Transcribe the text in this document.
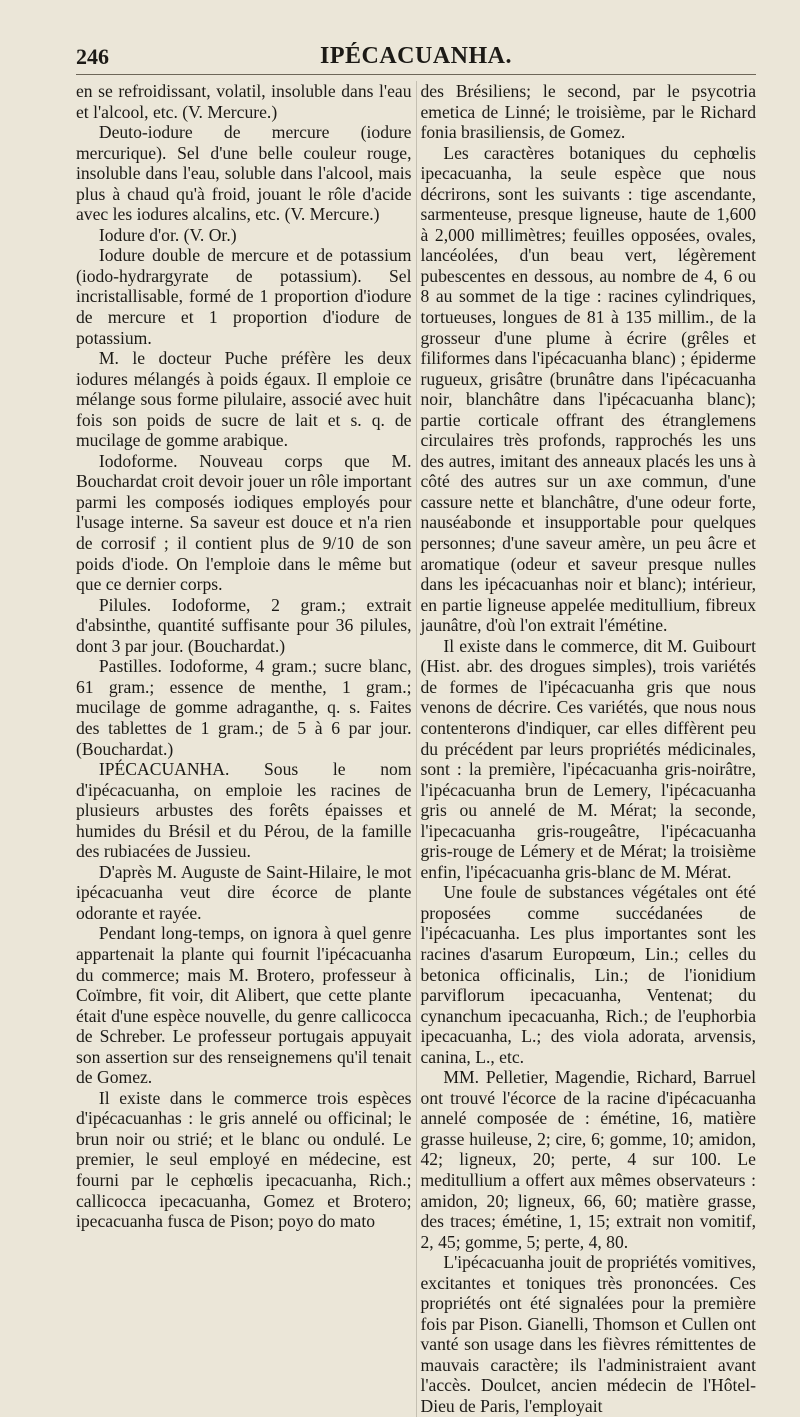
246	IPÉCACUANHA.

en se refroidissant, volatil, insoluble dans l'eau et l'alcool, etc. (V. Mercure.)

Deuto-iodure de mercure (iodure mercurique). Sel d'une belle couleur rouge, insoluble dans l'eau, soluble dans l'alcool, mais plus à chaud qu'à froid, jouant le rôle d'acide avec les iodures alcalins, etc. (V. Mercure.)

Iodure d'or. (V. Or.)

Iodure double de mercure et de potassium (iodo-hydrargyrate de potassium). Sel incristallisable, formé de 1 proportion d'iodure de mercure et 1 proportion d'iodure de potassium.

M. le docteur Puche préfère les deux iodures mélangés à poids égaux. Il emploie ce mélange sous forme pilulaire, associé avec huit fois son poids de sucre de lait et s. q. de mucilage de gomme arabique.

Iodoforme. Nouveau corps que M. Bouchardat croit devoir jouer un rôle important parmi les composés iodiques employés pour l'usage interne. Sa saveur est douce et n'a rien de corrosif ; il contient plus de 9/10 de son poids d'iode. On l'emploie dans le même but que ce dernier corps.

Pilules. Iodoforme, 2 gram.; extrait d'absinthe, quantité suffisante pour 36 pilules, dont 3 par jour. (Bouchardat.)

Pastilles. Iodoforme, 4 gram.; sucre blanc, 61 gram.; essence de menthe, 1 gram.; mucilage de gomme adraganthe, q. s. Faites des tablettes de 1 gram.; de 5 à 6 par jour. (Bouchardat.)

IPÉCACUANHA. Sous le nom d'ipécacuanha, on emploie les racines de plusieurs arbustes des forêts épaisses et humides du Brésil et du Pérou, de la famille des rubiacées de Jussieu.

D'après M. Auguste de Saint-Hilaire, le mot ipécacuanha veut dire écorce de plante odorante et rayée.

Pendant long-temps, on ignora à quel genre appartenait la plante qui fournit l'ipécacuanha du commerce; mais M. Brotero, professeur à Coïmbre, fit voir, dit Alibert, que cette plante était d'une espèce nouvelle, du genre callicocca de Schreber. Le professeur portugais appuyait son assertion sur des renseignemens qu'il tenait de Gomez.

Il existe dans le commerce trois espèces d'ipécacuanhas : le gris annelé ou officinal; le brun noir ou strié; et le blanc ou ondulé. Le premier, le seul employé en médecine, est fourni par le cephœlis ipecacuanha, Rich.; callicocca ipecacuanha, Gomez et Brotero; ipecacuanha fusca de Pison; poyo do mato

des Brésiliens; le second, par le psycotria emetica de Linné; le troisième, par le Richard fonia brasiliensis, de Gomez.

Les caractères botaniques du cephœlis ipecacuanha, la seule espèce que nous décrirons, sont les suivants : tige ascendante, sarmenteuse, presque ligneuse, haute de 1,600 à 2,000 millimètres; feuilles opposées, ovales, lancéolées, d'un beau vert, légèrement pubescentes en dessous, au nombre de 4, 6 ou 8 au sommet de la tige : racines cylindriques, tortueuses, longues de 81 à 135 millim., de la grosseur d'une plume à écrire (grêles et filiformes dans l'ipécacuanha blanc) ; épiderme rugueux, grisâtre (brunâtre dans l'ipécacuanha noir, blanchâtre dans l'ipécacuanha blanc); partie corticale offrant des étranglemens circulaires très profonds, rapprochés les uns des autres, imitant des anneaux placés les uns à côté des autres sur un axe commun, d'une cassure nette et blanchâtre, d'une odeur forte, nauséabonde et insupportable pour quelques personnes; d'une saveur amère, un peu âcre et aromatique (odeur et saveur presque nulles dans les ipécacuanhas noir et blanc); intérieur, en partie ligneuse appelée meditullium, fibreux jaunâtre, d'où l'on extrait l'émétine.

Il existe dans le commerce, dit M. Guibourt (Hist. abr. des drogues simples), trois variétés de formes de l'ipécacuanha gris que nous venons de décrire. Ces variétés, que nous nous contenterons d'indiquer, car elles diffèrent peu du précédent par leurs propriétés médicinales, sont : la première, l'ipécacuanha gris-noirâtre, l'ipécacuanha brun de Lemery, l'ipécacuanha gris ou annelé de M. Mérat; la seconde, l'ipecacuanha gris-rougeâtre, l'ipécacuanha gris-rouge de Lémery et de Mérat; la troisième enfin, l'ipécacuanha gris-blanc de M. Mérat.

Une foule de substances végétales ont été proposées comme succédanées de l'ipécacuanha. Les plus importantes sont les racines d'asarum Europœum, Lin.; celles du betonica officinalis, Lin.; de l'ionidium parviflorum ipecacuanha, Ventenat; du cynanchum ipecacuanha, Rich.; de l'euphorbia ipecacuanha, L.; des viola adorata, arvensis, canina, L., etc.

MM. Pelletier, Magendie, Richard, Barruel ont trouvé l'écorce de la racine d'ipécacuanha annelé composée de : émétine, 16, matière grasse huileuse, 2; cire, 6; gomme, 10; amidon, 42; ligneux, 20; perte, 4 sur 100. Le meditullium a offert aux mêmes observateurs : amidon, 20; ligneux, 66, 60; matière grasse, des traces; émétine, 1, 15; extrait non vomitif, 2, 45; gomme, 5; perte, 4, 80.

L'ipécacuanha jouit de propriétés vomitives, excitantes et toniques très prononcées. Ces propriétés ont été signalées pour la première fois par Pison. Gianelli, Thomson et Cullen ont vanté son usage dans les fièvres rémittentes de mauvais caractère; ils l'administraient avant l'accès. Doulcet, ancien médecin de l'Hôtel-Dieu de Paris, l'employait
